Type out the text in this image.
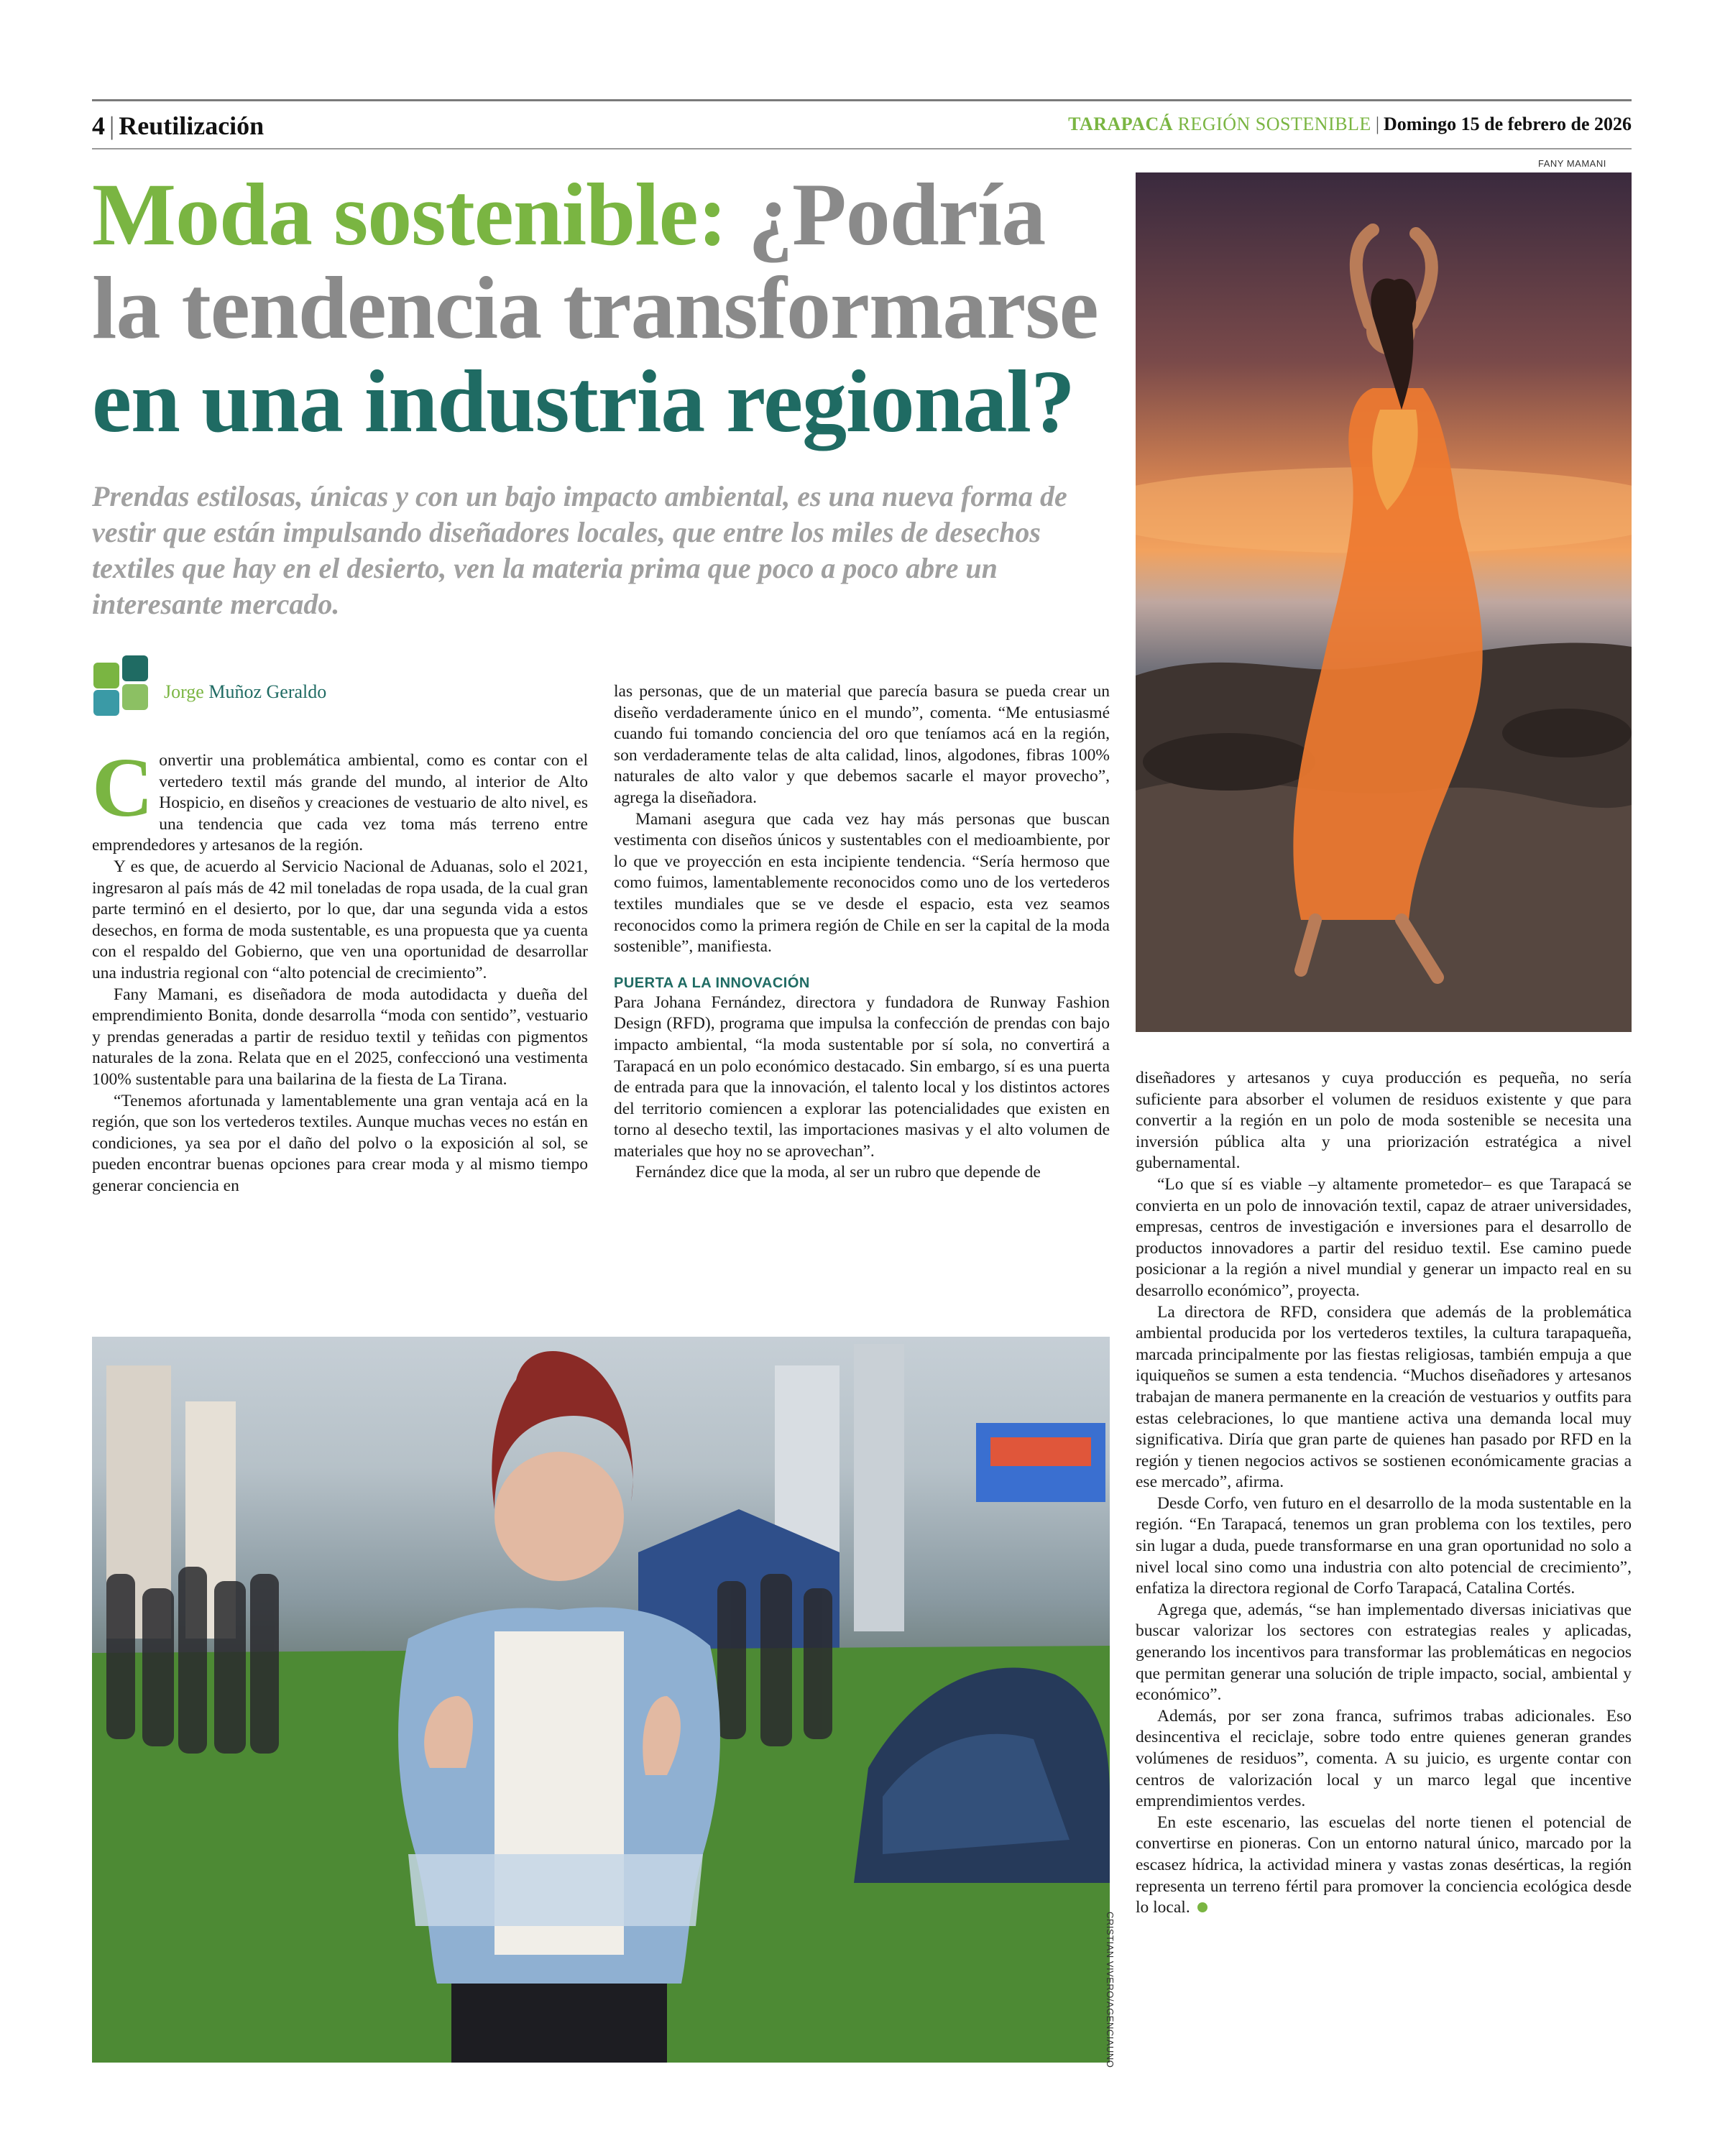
4 | Reutilización	TARAPACÁ REGIÓN SOSTENIBLE | Domingo 15 de febrero de 2026
Moda sostenible: ¿Podría la tendencia transformarse en una industria regional?

Prendas estilosas, únicas y con un bajo impacto ambiental, es una nueva forma de vestir que están impulsando diseñadores locales, que entre los miles de desechos textiles que hay en el desierto, ven la materia prima que poco a poco abre un interesante mercado.

Jorge Muñoz Geraldo
FANY MAMANI

Convertir una problemática ambiental, como es contar con el vertedero textil más grande del mundo, al interior de Alto Hospicio, en diseños y creaciones de vestuario de alto nivel, es una tendencia que cada vez toma más terreno entre emprendedores y artesanos de la región.

Y es que, de acuerdo al Servicio Nacional de Aduanas, solo el 2021, ingresaron al país más de 42 mil toneladas de ropa usada, de la cual gran parte terminó en el desierto, por lo que, dar una segunda vida a estos desechos, en forma de moda sustentable, es una propuesta que ya cuenta con el respaldo del Gobierno, que ven una oportunidad de desarrollar una industria regional con “alto potencial de crecimiento”.

Fany Mamani, es diseñadora de moda autodidacta y dueña del emprendimiento Bonita, donde desarrolla “moda con sentido”, vestuario y prendas generadas a partir de residuo textil y teñidas con pigmentos naturales de la zona. Relata que en el 2025, confeccionó una vestimenta 100% sustentable para una bailarina de la fiesta de La Tirana.

“Tenemos afortunada y lamentablemente una gran ventaja acá en la región, que son los vertederos textiles. Aunque muchas veces no están en condiciones, ya sea por el daño del polvo o la exposición al sol, se pueden encontrar buenas opciones para crear moda y al mismo tiempo generar conciencia en

las personas, que de un material que parecía basura se pueda crear un diseño verdaderamente único en el mundo”, comenta. “Me entusiasmé cuando fui tomando conciencia del oro que teníamos acá en la región, son verdaderamente telas de alta calidad, linos, algodones, fibras 100% naturales de alto valor y que debemos sacarle el mayor provecho”, agrega la diseñadora.

Mamani asegura que cada vez hay más personas que buscan vestimenta con diseños únicos y sustentables con el medioambiente, por lo que ve proyección en esta incipiente tendencia. “Sería hermoso que como fuimos, lamentablemente reconocidos como uno de los vertederos textiles mundiales que se ve desde el espacio, esta vez seamos reconocidos como la primera región de Chile en ser la capital de la moda sostenible”, manifiesta.

PUERTA A LA INNOVACIÓN

Para Johana Fernández, directora y fundadora de Runway Fashion Design (RFD), programa que impulsa la confección de prendas con bajo impacto ambiental, “la moda sustentable por sí sola, no convertirá a Tarapacá en un polo económico destacado. Sin embargo, sí es una puerta de entrada para que la innovación, el talento local y los distintos actores del territorio comiencen a explorar las potencialidades que existen en torno al desecho textil, las importaciones masivas y el alto volumen de materiales que hoy no se aprovechan”.

Fernández dice que la moda, al ser un rubro que depende de

CRISTIAN VIVERO/AGENCIAUNO

diseñadores y artesanos y cuya producción es pequeña, no sería suficiente para absorber el volumen de residuos existente y que para convertir a la región en un polo de moda sostenible se necesita una inversión pública alta y una priorización estratégica a nivel gubernamental.

“Lo que sí es viable –y altamente prometedor– es que Tarapacá se convierta en un polo de innovación textil, capaz de atraer universidades, empresas, centros de investigación e inversiones para el desarrollo de productos innovadores a partir del residuo textil. Ese camino puede posicionar a la región a nivel mundial y generar un impacto real en su desarrollo económico”, proyecta.

La directora de RFD, considera que además de la problemática ambiental producida por los vertederos textiles, la cultura tarapaqueña, marcada principalmente por las fiestas religiosas, también empuja a que iquiqueños se sumen a esta tendencia. “Muchos diseñadores y artesanos trabajan de manera permanente en la creación de vestuarios y outfits para estas celebraciones, lo que mantiene activa una demanda local muy significativa. Diría que gran parte de quienes han pasado por RFD en la región y tienen negocios activos se sostienen económicamente gracias a ese mercado”, afirma.

Desde Corfo, ven futuro en el desarrollo de la moda sustentable en la región. “En Tarapacá, tenemos un gran problema con los textiles, pero sin lugar a duda, puede transformarse en una gran oportunidad no solo a nivel local sino como una industria con alto potencial de crecimiento”, enfatiza la directora regional de Corfo Tarapacá, Catalina Cortés.

Agrega que, además, “se han implementado diversas iniciativas que buscar valorizar los sectores con estrategias reales y aplicadas, generando los incentivos para transformar las problemáticas en negocios que permitan generar una solución de triple impacto, social, ambiental y económico”.

Además, por ser zona franca, sufrimos trabas adicionales. Eso desincentiva el reciclaje, sobre todo entre quienes generan grandes volúmenes de residuos”, comenta. A su juicio, es urgente contar con centros de valorización local y un marco legal que incentive emprendimientos verdes.

En este escenario, las escuelas del norte tienen el potencial de convertirse en pioneras. Con un entorno natural único, marcado por la escasez hídrica, la actividad minera y vastas zonas desérticas, la región representa un terreno fértil para promover la conciencia ecológica desde lo local.
